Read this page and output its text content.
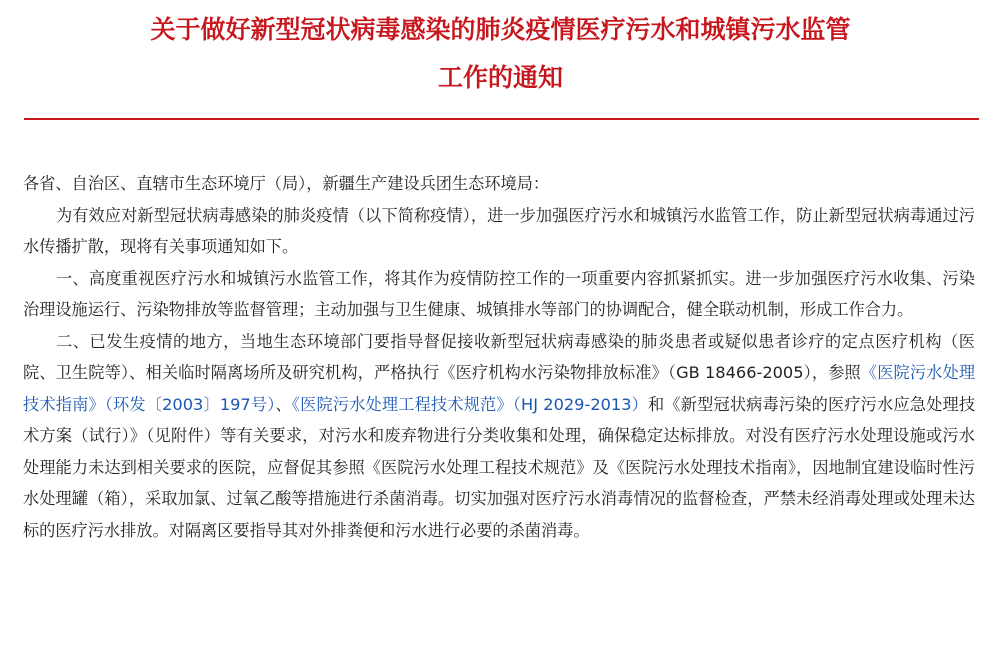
关于做好新型冠状病毒感染的肺炎疫情医疗污水和城镇污水监管
工作的通知

各省、自治区、直辖市生态环境厅（局），新疆生产建设兵团生态环境局：

为有效应对新型冠状病毒感染的肺炎疫情（以下简称疫情），进一步加强医疗污水和城镇污水监管工作，防止新型冠状病毒通过污水传播扩散，现将有关事项通知如下。

一、高度重视医疗污水和城镇污水监管工作，将其作为疫情防控工作的一项重要内容抓紧抓实。进一步加强医疗污水收集、污染治理设施运行、污染物排放等监督管理；主动加强与卫生健康、城镇排水等部门的协调配合，健全联动机制，形成工作合力。

二、已发生疫情的地方，当地生态环境部门要指导督促接收新型冠状病毒感染的肺炎患者或疑似患者诊疗的定点医疗机构（医院、卫生院等）、相关临时隔离场所及研究机构，严格执行《医疗机构水污染物排放标准》（GB 18466-2005），参照《医院污水处理技术指南》（环发〔2003〕197号）、《医院污水处理工程技术规范》（HJ 2029-2013）和《新型冠状病毒污染的医疗污水应急处理技术方案（试行）》（见附件）等有关要求，对污水和废弃物进行分类收集和处理，确保稳定达标排放。对没有医疗污水处理设施或污水处理能力未达到相关要求的医院，应督促其参照《医院污水处理工程技术规范》及《医院污水处理技术指南》，因地制宜建设临时性污水处理罐（箱），采取加氯、过氧乙酸等措施进行杀菌消毒。切实加强对医疗污水消毒情况的监督检查，严禁未经消毒处理或处理未达标的医疗污水排放。对隔离区要指导其对外排粪便和污水进行必要的杀菌消毒。
